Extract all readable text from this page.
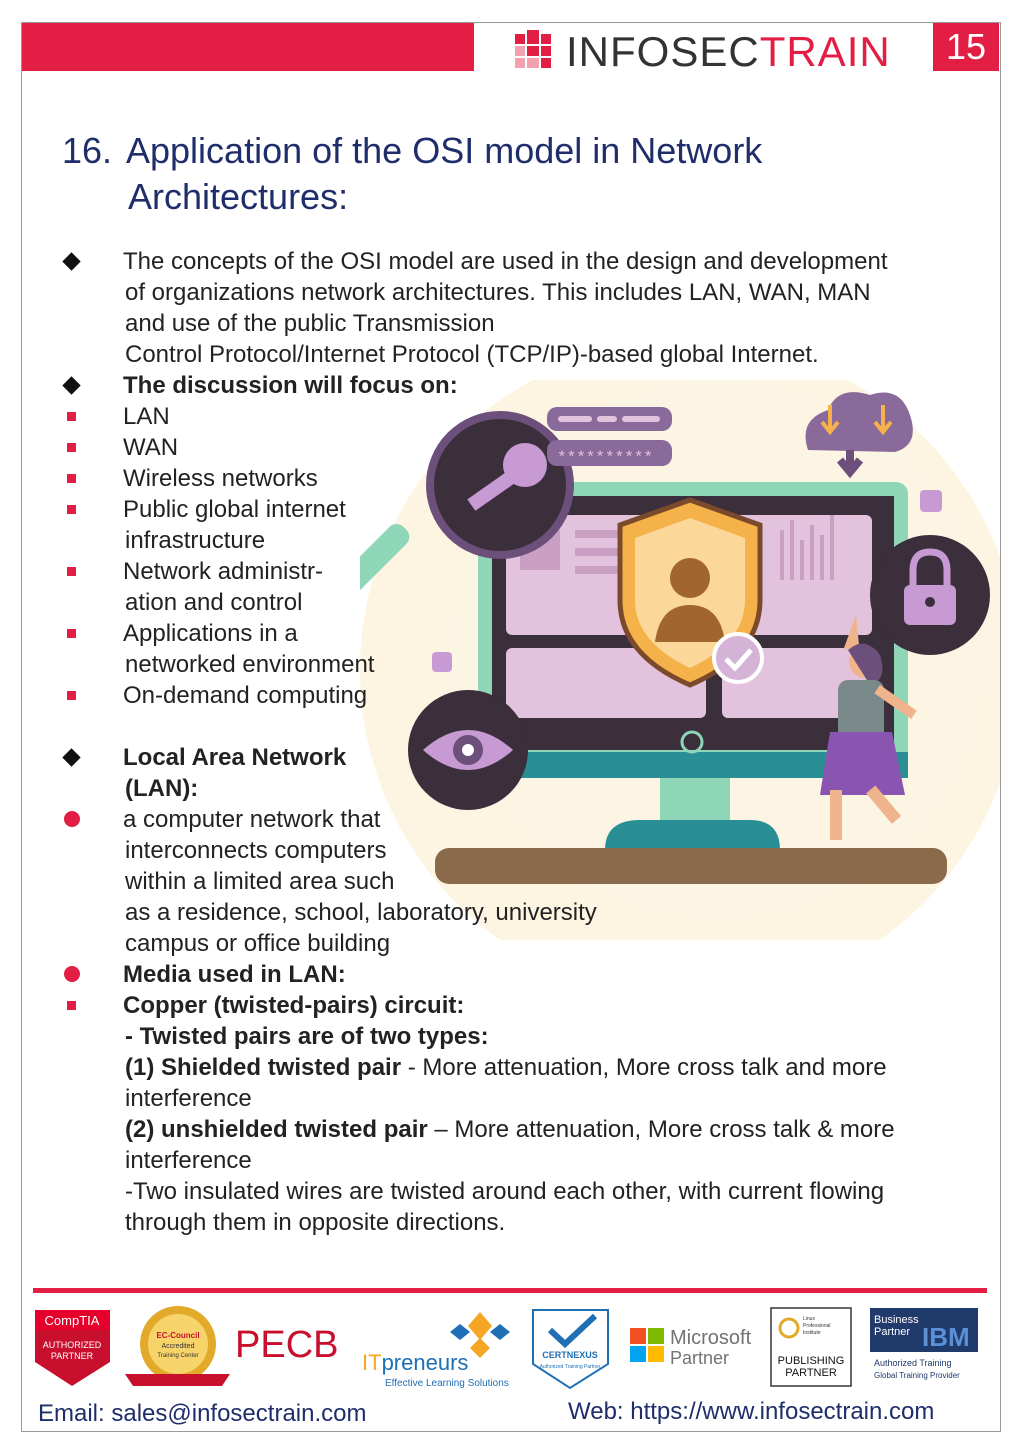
INFOSECTRAIN	15
16. Application of the OSI model in Network
Architectures:
**********
The concepts of the OSI model are used in the design and development
of organizations network architectures. This includes LAN, WAN, MAN
and use of the public Transmission
Control Protocol/Internet Protocol (TCP/IP)-based global Internet.
The discussion will focus on:
LAN
WAN
Wireless networks
Public global internet
infrastructure
Network administr-
ation and control
Applications in a
networked environment
On-demand computing
Local Area Network
(LAN):
a computer network that
interconnects computers
within a limited area such
as a residence, school, laboratory, university
campus or office building
Media used in LAN:
Copper (twisted-pairs) circuit:
- Twisted pairs are of two types:
(1) Shielded twisted pair - More attenuation, More cross talk and more
interference
(2) unshielded twisted pair – More attenuation, More cross talk & more
interference
-Two insulated wires are twisted around each other, with current flowing
through them in opposite directions.
CompTIA
AUTHORIZED
PARTNER
EC-Council
Accredited
Training Center PECB ITpreneurs
Effective Learning Solutions
CERTNEXUS
Authorized Training Partner
Microsoft
Partner
Linux
Professional
Institute
PUBLISHING
PARTNER
Business
Partner IBM
Authorized Training
Global Training Provider
Email: sales@infosectrain.com	Web: https://www.infosectrain.com
